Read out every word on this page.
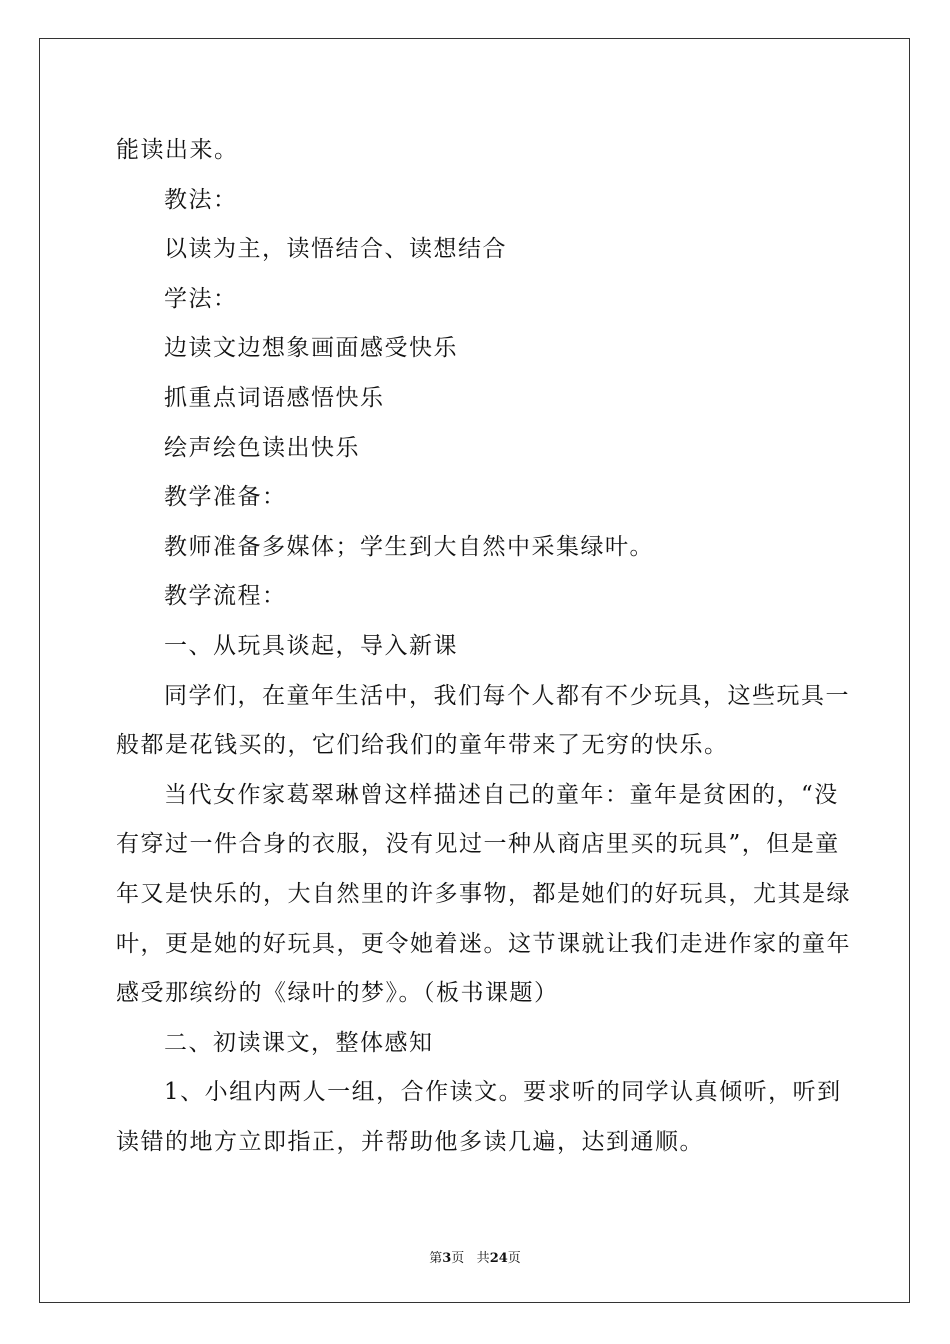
能读出来。

教法：

以读为主，读悟结合、读想结合

学法：

边读文边想象画面感受快乐

抓重点词语感悟快乐

绘声绘色读出快乐

教学准备：

教师准备多媒体；学生到大自然中采集绿叶。

教学流程：

一、从玩具谈起，导入新课

同学们，在童年生活中，我们每个人都有不少玩具，这些玩具一

般都是花钱买的，它们给我们的童年带来了无穷的快乐。

当代女作家葛翠琳曾这样描述自己的童年：童年是贫困的，“没

有穿过一件合身的衣服，没有见过一种从商店里买的玩具”，但是童

年又是快乐的，大自然里的许多事物，都是她们的好玩具，尤其是绿

叶，更是她的好玩具，更令她着迷。这节课就让我们走进作家的童年

感受那缤纷的《绿叶的梦》。（板书课题）

二、初读课文，整体感知

1、小组内两人一组，合作读文。要求听的同学认真倾听，听到

读错的地方立即指正，并帮助他多读几遍，达到通顺。

第3页 共24页
